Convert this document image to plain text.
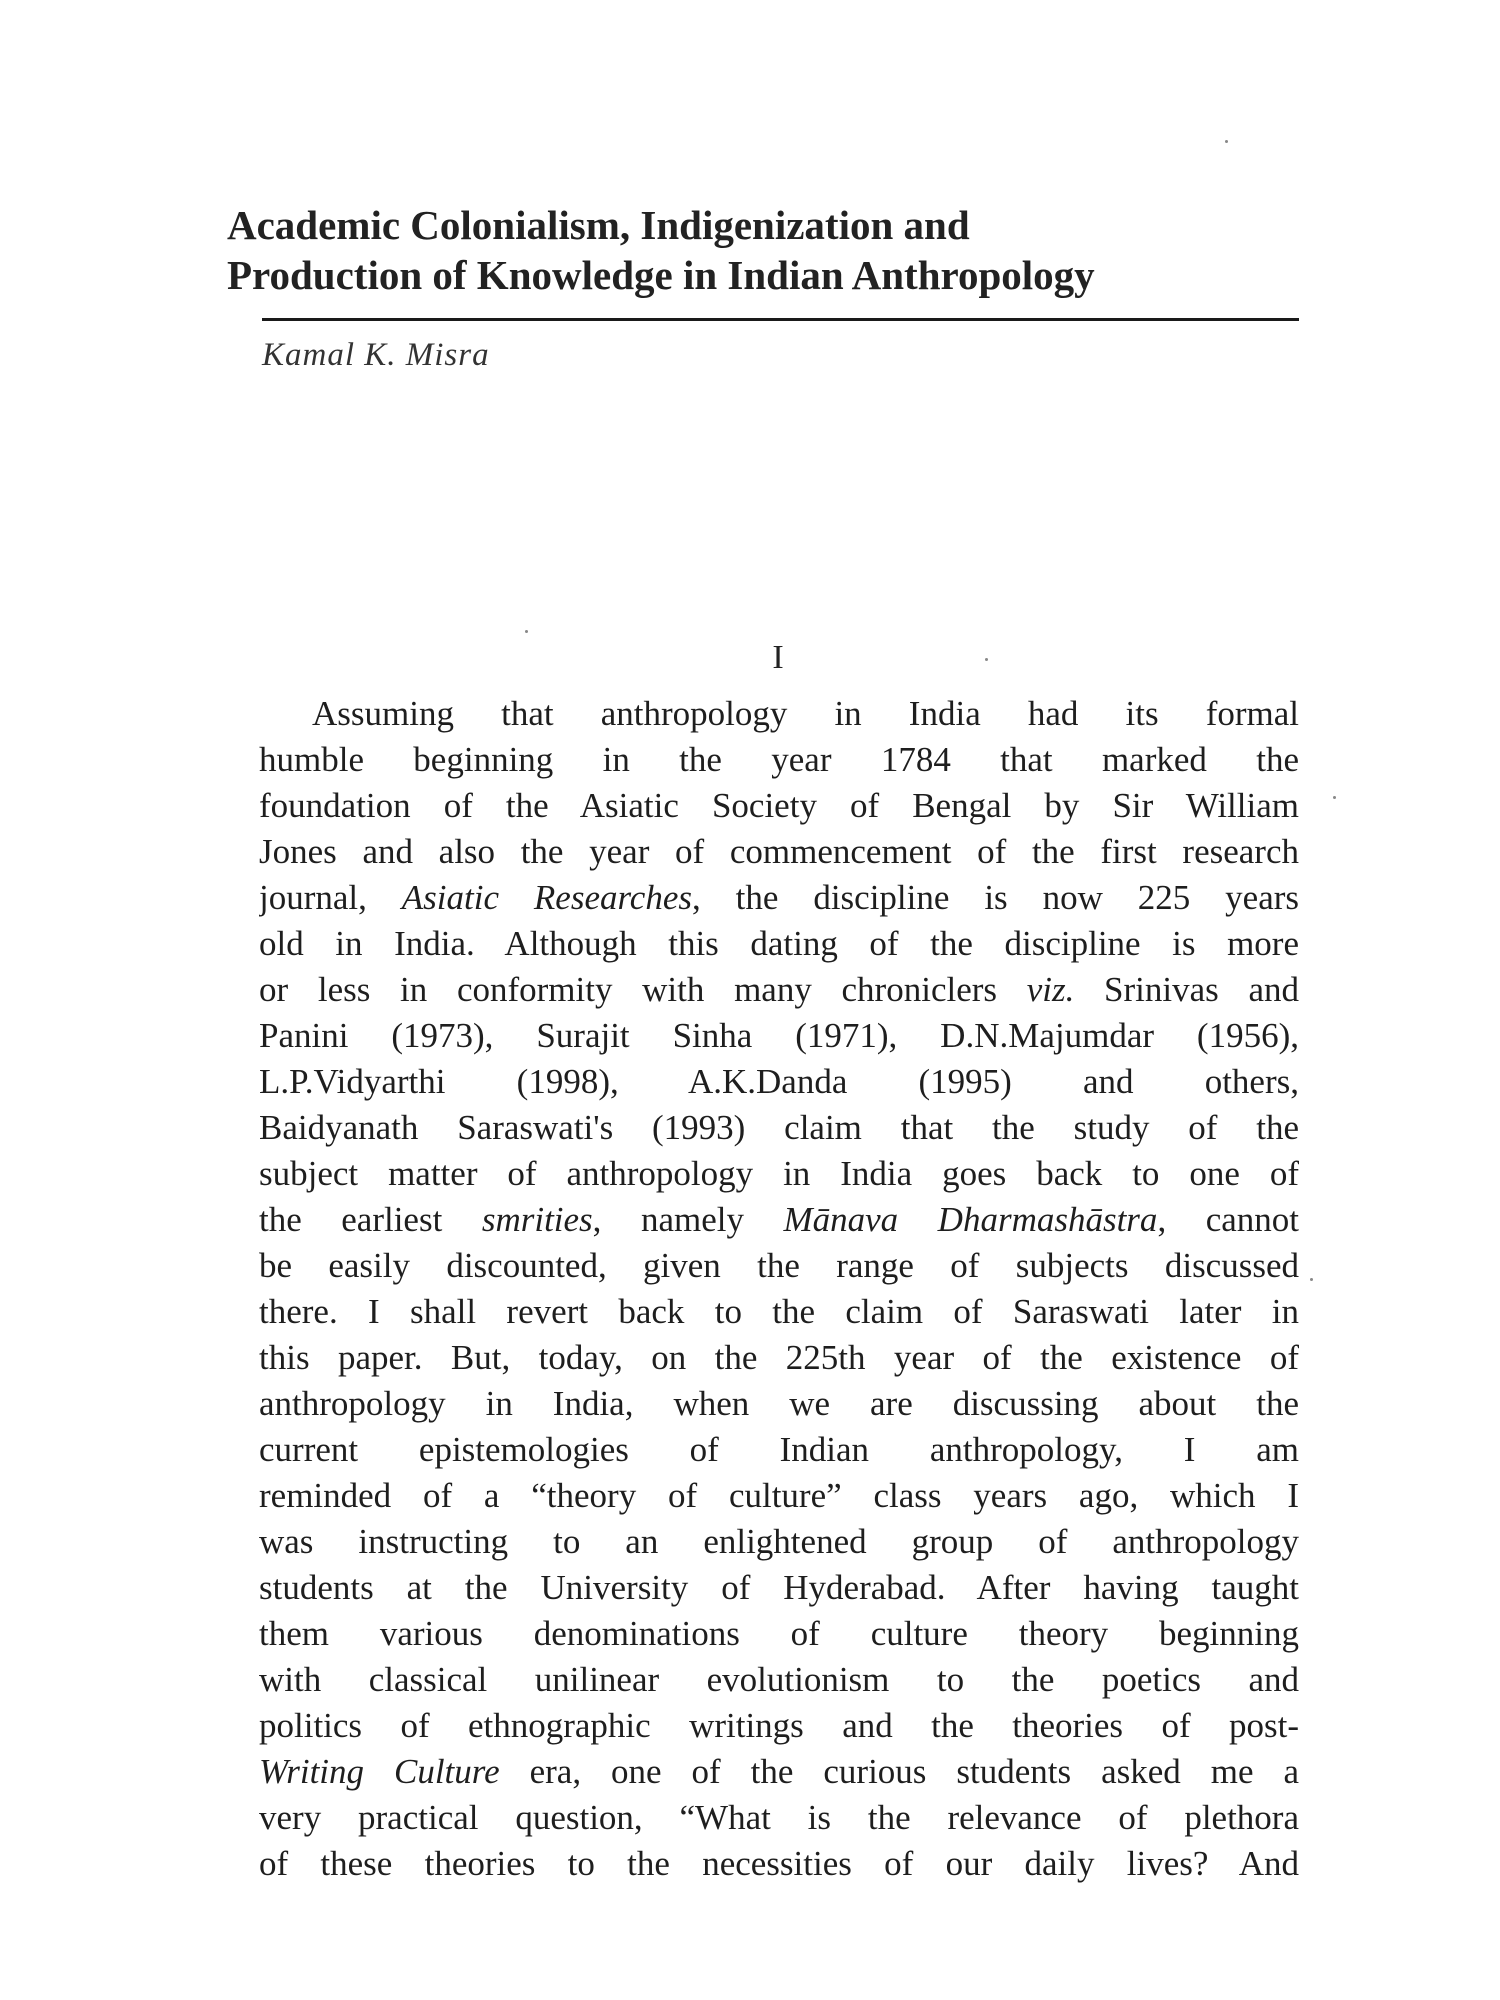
Academic Colonialism, Indigenization and
Production of Knowledge in Indian Anthropology
Kamal K. Misra
I
Assuming that anthropology in India had its formal
humble beginning in the year 1784 that marked the
foundation of the Asiatic Society of Bengal by Sir William
Jones and also the year of commencement of the first research
journal, Asiatic Researches, the discipline is now 225 years
old in India. Although this dating of the discipline is more
or less in conformity with many chroniclers viz. Srinivas and
Panini (1973), Surajit Sinha (1971), D.N.Majumdar (1956),
L.P.Vidyarthi (1998), A.K.Danda (1995) and others,
Baidyanath Saraswati's (1993) claim that the study of the
subject matter of anthropology in India goes back to one of
the earliest smrities, namely Mānava Dharmashāstra, cannot
be easily discounted, given the range of subjects discussed
there. I shall revert back to the claim of Saraswati later in
this paper. But, today, on the 225th year of the existence of
anthropology in India, when we are discussing about the
current epistemologies of Indian anthropology, I am
reminded of a “theory of culture” class years ago, which I
was instructing to an enlightened group of anthropology
students at the University of Hyderabad. After having taught
them various denominations of culture theory beginning
with classical unilinear evolutionism to the poetics and
politics of ethnographic writings and the theories of post-
Writing Culture era, one of the curious students asked me a
very practical question, “What is the relevance of plethora
of these theories to the necessities of our daily lives? And
